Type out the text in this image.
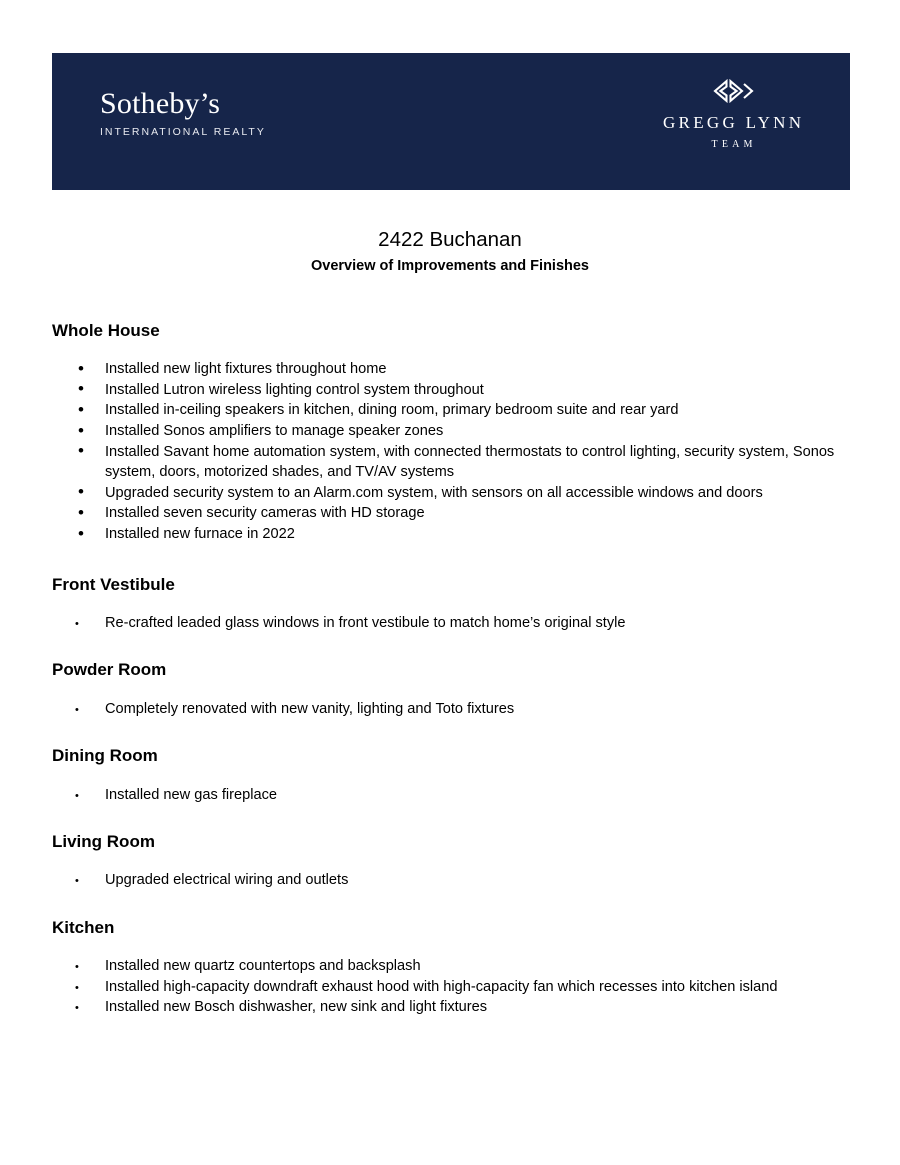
Sotheby’s
INTERNATIONAL REALTY	GREGG LYNN
TEAM
2422 Buchanan
Overview of Improvements and Finishes
Whole House
• Installed new light fixtures throughout home
• Installed Lutron wireless lighting control system throughout
• Installed in-ceiling speakers in kitchen, dining room, primary bedroom suite and rear yard
• Installed Sonos amplifiers to manage speaker zones
• Installed Savant home automation system, with connected thermostats to control lighting, security system, Sonos system, doors, motorized shades, and TV/AV systems
• Upgraded security system to an Alarm.com system, with sensors on all accessible windows and doors
• Installed seven security cameras with HD storage
• Installed new furnace in 2022
Front Vestibule
• Re-crafted leaded glass windows in front vestibule to match home’s original style
Powder Room
• Completely renovated with new vanity, lighting and Toto fixtures
Dining Room
• Installed new gas fireplace
Living Room
• Upgraded electrical wiring and outlets
Kitchen
• Installed new quartz countertops and backsplash
• Installed high-capacity downdraft exhaust hood with high-capacity fan which recesses into kitchen island
• Installed new Bosch dishwasher, new sink and light fixtures
